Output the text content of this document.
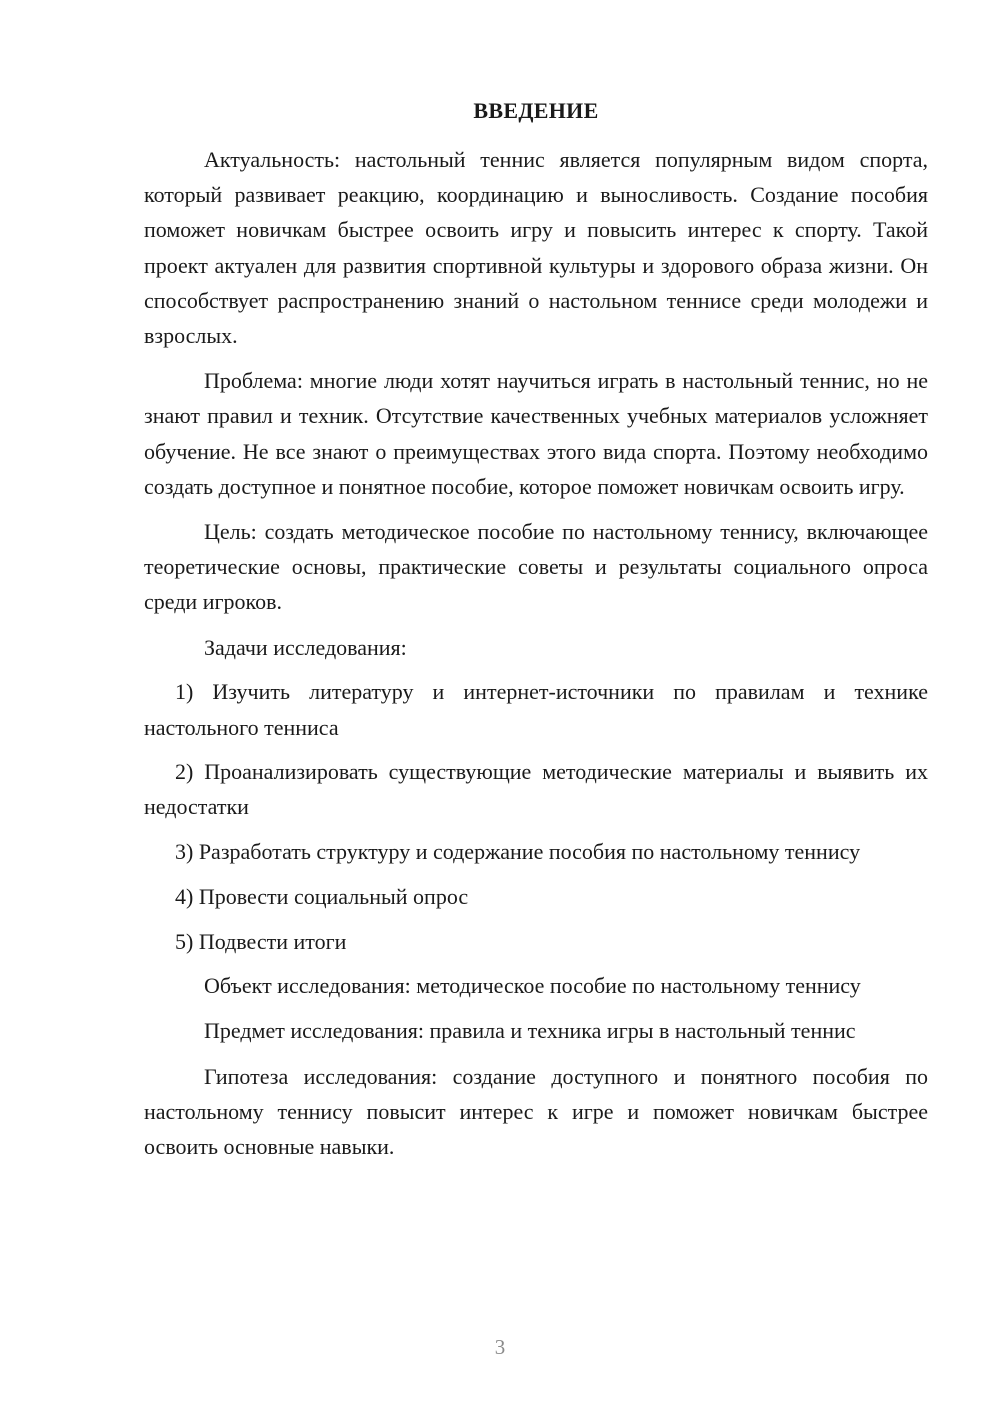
ВВЕДЕНИЕ

Актуальность: настольный теннис является популярным видом спорта, который развивает реакцию, координацию и выносливость. Создание пособия поможет новичкам быстрее освоить игру и повысить интерес к спорту. Такой проект актуален для развития спортивной культуры и здорового образа жизни. Он способствует распространению знаний о настольном теннисе среди молодежи и взрослых.

Проблема: многие люди хотят научиться играть в настольный теннис, но не знают правил и техник. Отсутствие качественных учебных материалов усложняет обучение. Не все знают о преимуществах этого вида спорта. Поэтому необходимо создать доступное и понятное пособие, которое поможет новичкам освоить игру.

Цель: создать методическое пособие по настольному теннису, включающее теоретические основы, практические советы и результаты социального опроса среди игроков.

Задачи исследования:

1) Изучить литературу и интернет-источники по правилам и технике настольного тенниса

2) Проанализировать существующие методические материалы и выявить их недостатки

3) Разработать структуру и содержание пособия по настольному теннису

4) Провести социальный опрос

5) Подвести итоги

Объект исследования: методическое пособие по настольному теннису

Предмет исследования: правила и техника игры в настольный теннис

Гипотеза исследования: создание доступного и понятного пособия по настольному теннису повысит интерес к игре и поможет новичкам быстрее освоить основные навыки.

3
